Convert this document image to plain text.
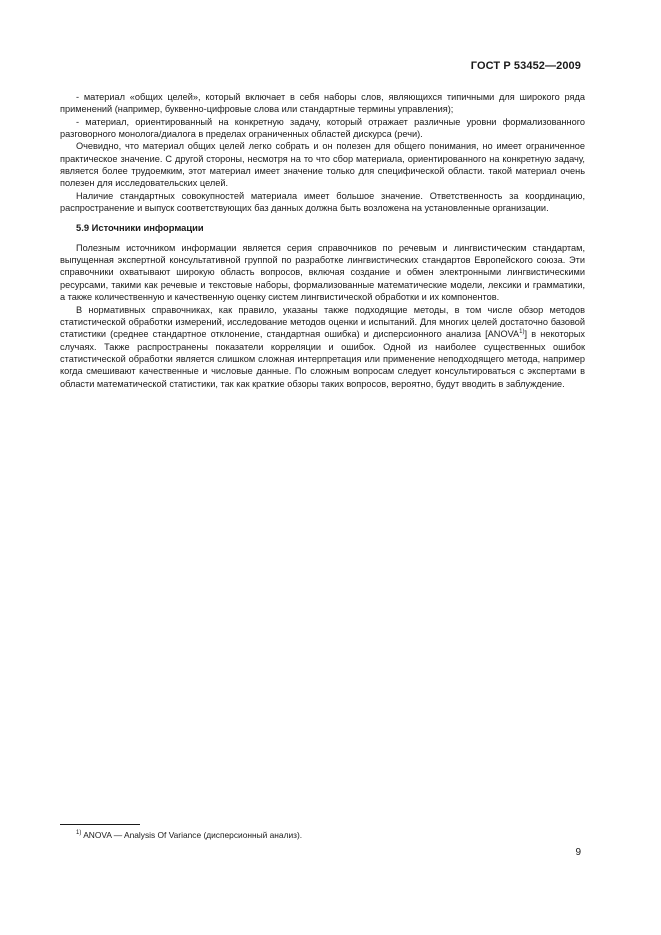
ГОСТ Р 53452—2009

- материал «общих целей», который включает в себя наборы слов, являющихся типичными для широкого ряда применений (например, буквенно-цифровые слова или стандартные термины управления);

- материал, ориентированный на конкретную задачу, который отражает различные уровни формализованного разговорного монолога/диалога в пределах ограниченных областей дискурса (речи).

Очевидно, что материал общих целей легко собрать и он полезен для общего понимания, но имеет ограниченное практическое значение. С другой стороны, несмотря на то что сбор материала, ориентированного на конкретную задачу, является более трудоемким, этот материал имеет значение только для специфической области. такой материал очень полезен для исследовательских целей.

Наличие стандартных совокупностей материала имеет большое значение. Ответственность за координацию, распространение и выпуск соответствующих баз данных должна быть возложена на установленные организации.

5.9 Источники информации

Полезным источником информации является серия справочников по речевым и лингвистическим стандартам, выпущенная экспертной консультативной группой по разработке лингвистических стандартов Европейского союза. Эти справочники охватывают широкую область вопросов, включая создание и обмен электронными лингвистическими ресурсами, такими как речевые и текстовые наборы, формализованные математические модели, лексики и грамматики, а также количественную и качественную оценку систем лингвистической обработки и их компонентов.

В нормативных справочниках, как правило, указаны также подходящие методы, в том числе обзор методов статистической обработки измерений, исследование методов оценки и испытаний. Для многих целей достаточно базовой статистики (среднее стандартное отклонение, стандартная ошибка) и дисперсионного анализа [ANOVA$^{1)}$] в некоторых случаях. Также распространены показатели корреляции и ошибок. Одной из наиболее существенных ошибок статистической обработки являетcя слишком сложная интерпретация или применение неподходящего метода, например когда смешивают качественные и числовые данные. По сложным вопросам следует консультироваться с экспертами в области математической статистики, так как краткие обзоры таких вопросов, вероятно, будут вводить в заблуждение.

$^{1)}$ ANOVA — Analysis Of Variance (дисперсионный анализ).
9
